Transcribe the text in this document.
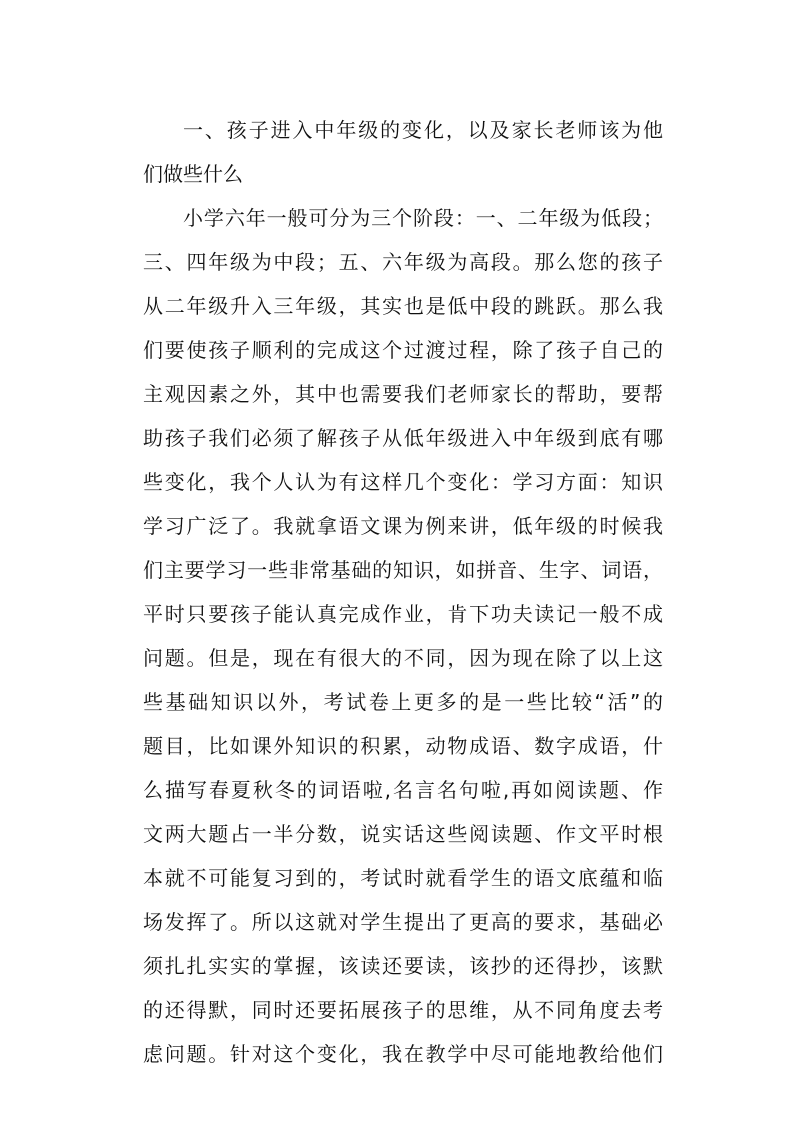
一、孩子进入中年级的变化，以及家长老师该为他
们做些什么
小学六年一般可分为三个阶段：一、二年级为低段；
三、四年级为中段；五、六年级为高段。那么您的孩子
从二年级升入三年级，其实也是低中段的跳跃。那么我
们要使孩子顺利的完成这个过渡过程，除了孩子自己的
主观因素之外，其中也需要我们老师家长的帮助，要帮
助孩子我们必须了解孩子从低年级进入中年级到底有哪
些变化，我个人认为有这样几个变化：学习方面：知识
学习广泛了。我就拿语文课为例来讲，低年级的时候我
们主要学习一些非常基础的知识，如拼音、生字、词语，
平时只要孩子能认真完成作业，肯下功夫读记一般不成
问题。但是，现在有很大的不同，因为现在除了以上这
些基础知识以外，考试卷上更多的是一些比较“活”的
题目，比如课外知识的积累，动物成语、数字成语，什
么描写春夏秋冬的词语啦,名言名句啦,再如阅读题、作
文两大题占一半分数，说实话这些阅读题、作文平时根
本就不可能复习到的，考试时就看学生的语文底蕴和临
场发挥了。所以这就对学生提出了更高的要求，基础必
须扎扎实实的掌握，该读还要读，该抄的还得抄，该默
的还得默，同时还要拓展孩子的思维，从不同角度去考
虑问题。针对这个变化，我在教学中尽可能地教给他们
